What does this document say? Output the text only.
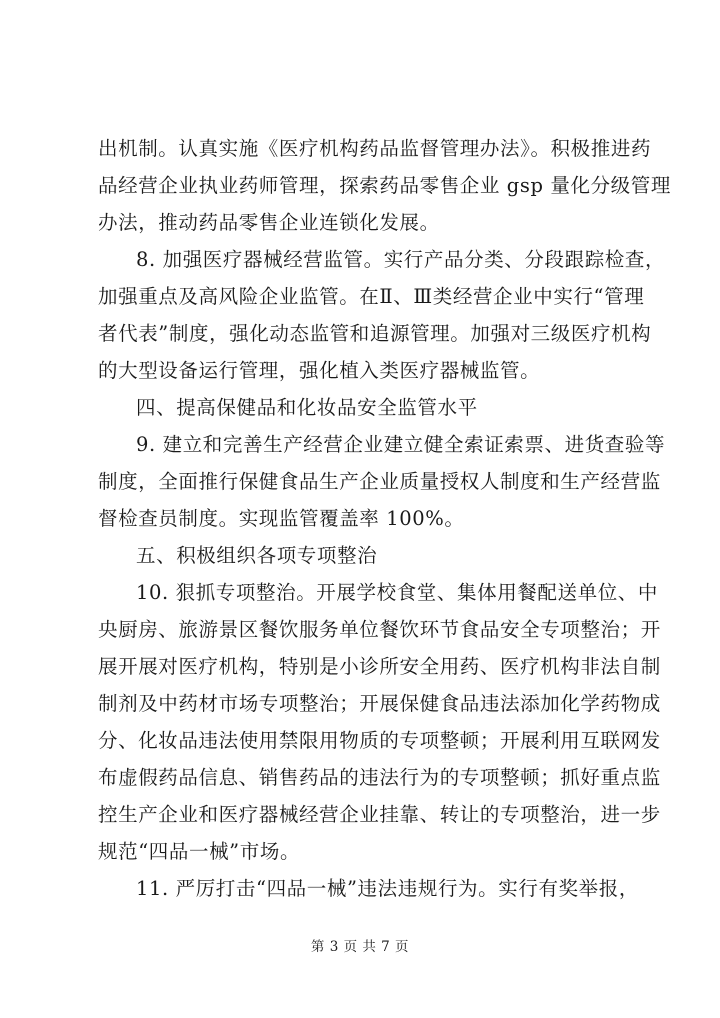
出机制。认真实施《医疗机构药品监督管理办法》。积极推进药
品经营企业执业药师管理，探索药品零售企业 gsp 量化分级管理
办法，推动药品零售企业连锁化发展。
8. 加强医疗器械经营监管。实行产品分类、分段跟踪检查，
加强重点及高风险企业监管。在Ⅱ、Ⅲ类经营企业中实行“管理
者代表”制度，强化动态监管和追源管理。加强对三级医疗机构
的大型设备运行管理，强化植入类医疗器械监管。
四、提高保健品和化妆品安全监管水平
9. 建立和完善生产经营企业建立健全索证索票、进货查验等
制度，全面推行保健食品生产企业质量授权人制度和生产经营监
督检查员制度。实现监管覆盖率 100%。
五、积极组织各项专项整治
10. 狠抓专项整治。开展学校食堂、集体用餐配送单位、中
央厨房、旅游景区餐饮服务单位餐饮环节食品安全专项整治；开
展开展对医疗机构，特别是小诊所安全用药、医疗机构非法自制
制剂及中药材市场专项整治；开展保健食品违法添加化学药物成
分、化妆品违法使用禁限用物质的专项整顿；开展利用互联网发
布虚假药品信息、销售药品的违法行为的专项整顿；抓好重点监
控生产企业和医疗器械经营企业挂靠、转让的专项整治，进一步
规范“四品一械”市场。
11. 严厉打击“四品一械”违法违规行为。实行有奖举报，
第 3 页 共 7 页
